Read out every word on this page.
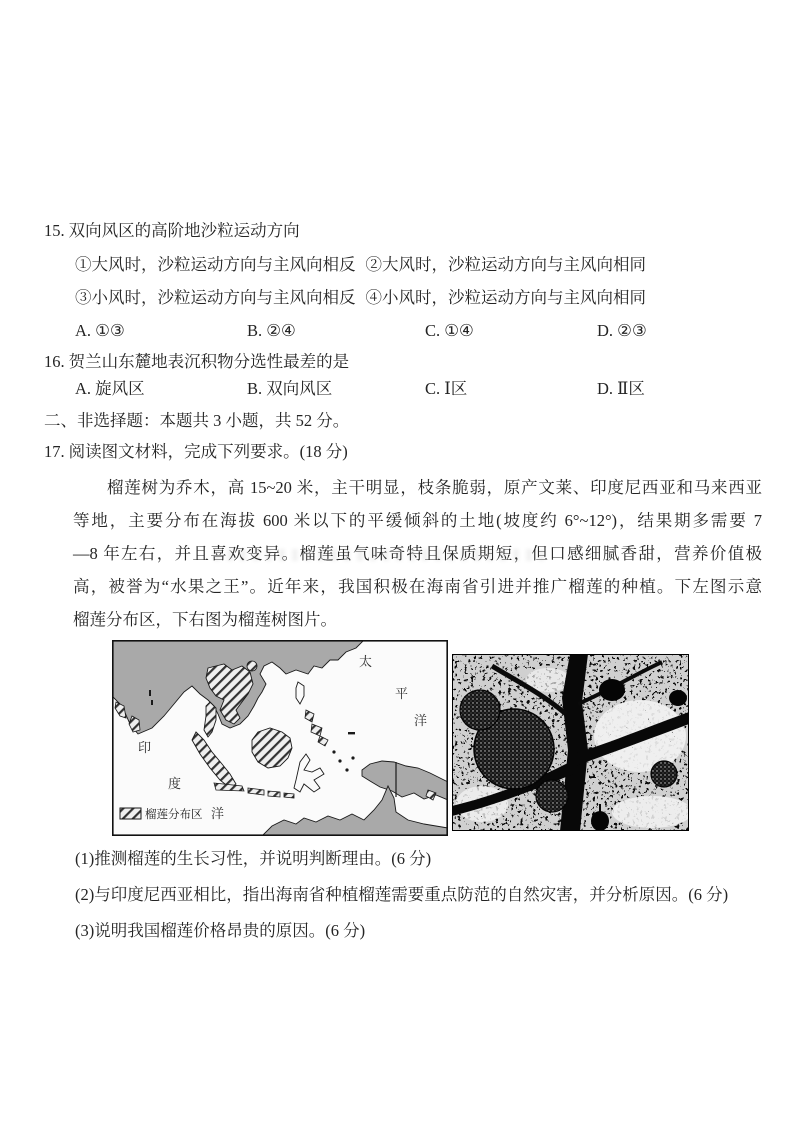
15. 双向风区的高阶地沙粒运动方向
①大风时，沙粒运动方向与主风向相反 ②大风时，沙粒运动方向与主风向相同
③小风时，沙粒运动方向与主风向相反 ④小风时，沙粒运动方向与主风向相同
A. ①③	B. ②④	C. ①④	D. ②③
16. 贺兰山东麓地表沉积物分选性最差的是
A. 旋风区	B. 双向风区	C. Ⅰ区	D. Ⅱ区
二、非选择题：本题共 3 小题，共 52 分。
17. 阅读图文材料，完成下列要求。(18 分)
榴莲树为乔木，高 15~20 米，主干明显，枝条脆弱，原产文莱、印度尼西亚和马来西亚
等地，主要分布在海拔 600 米以下的平缓倾斜的土地(坡度约 6°~12°)，结果期多需要 7
—8 年左右，并且喜欢变异。榴莲虽气味奇特且保质期短，但口感细腻香甜，营养价值极
高，被誉为“水果之王”。近年来，我国积极在海南省引进并推广榴莲的种植。下左图示意
榴莲分布区，下右图为榴莲树图片。
太
平
洋
印
度
洋
榴莲分布区
(1)推测榴莲的生长习性，并说明判断理由。(6 分)
(2)与印度尼西亚相比，指出海南省种植榴莲需要重点防范的自然灾害，并分析原因。(6 分)
(3)说明我国榴莲价格昂贵的原因。(6 分)
